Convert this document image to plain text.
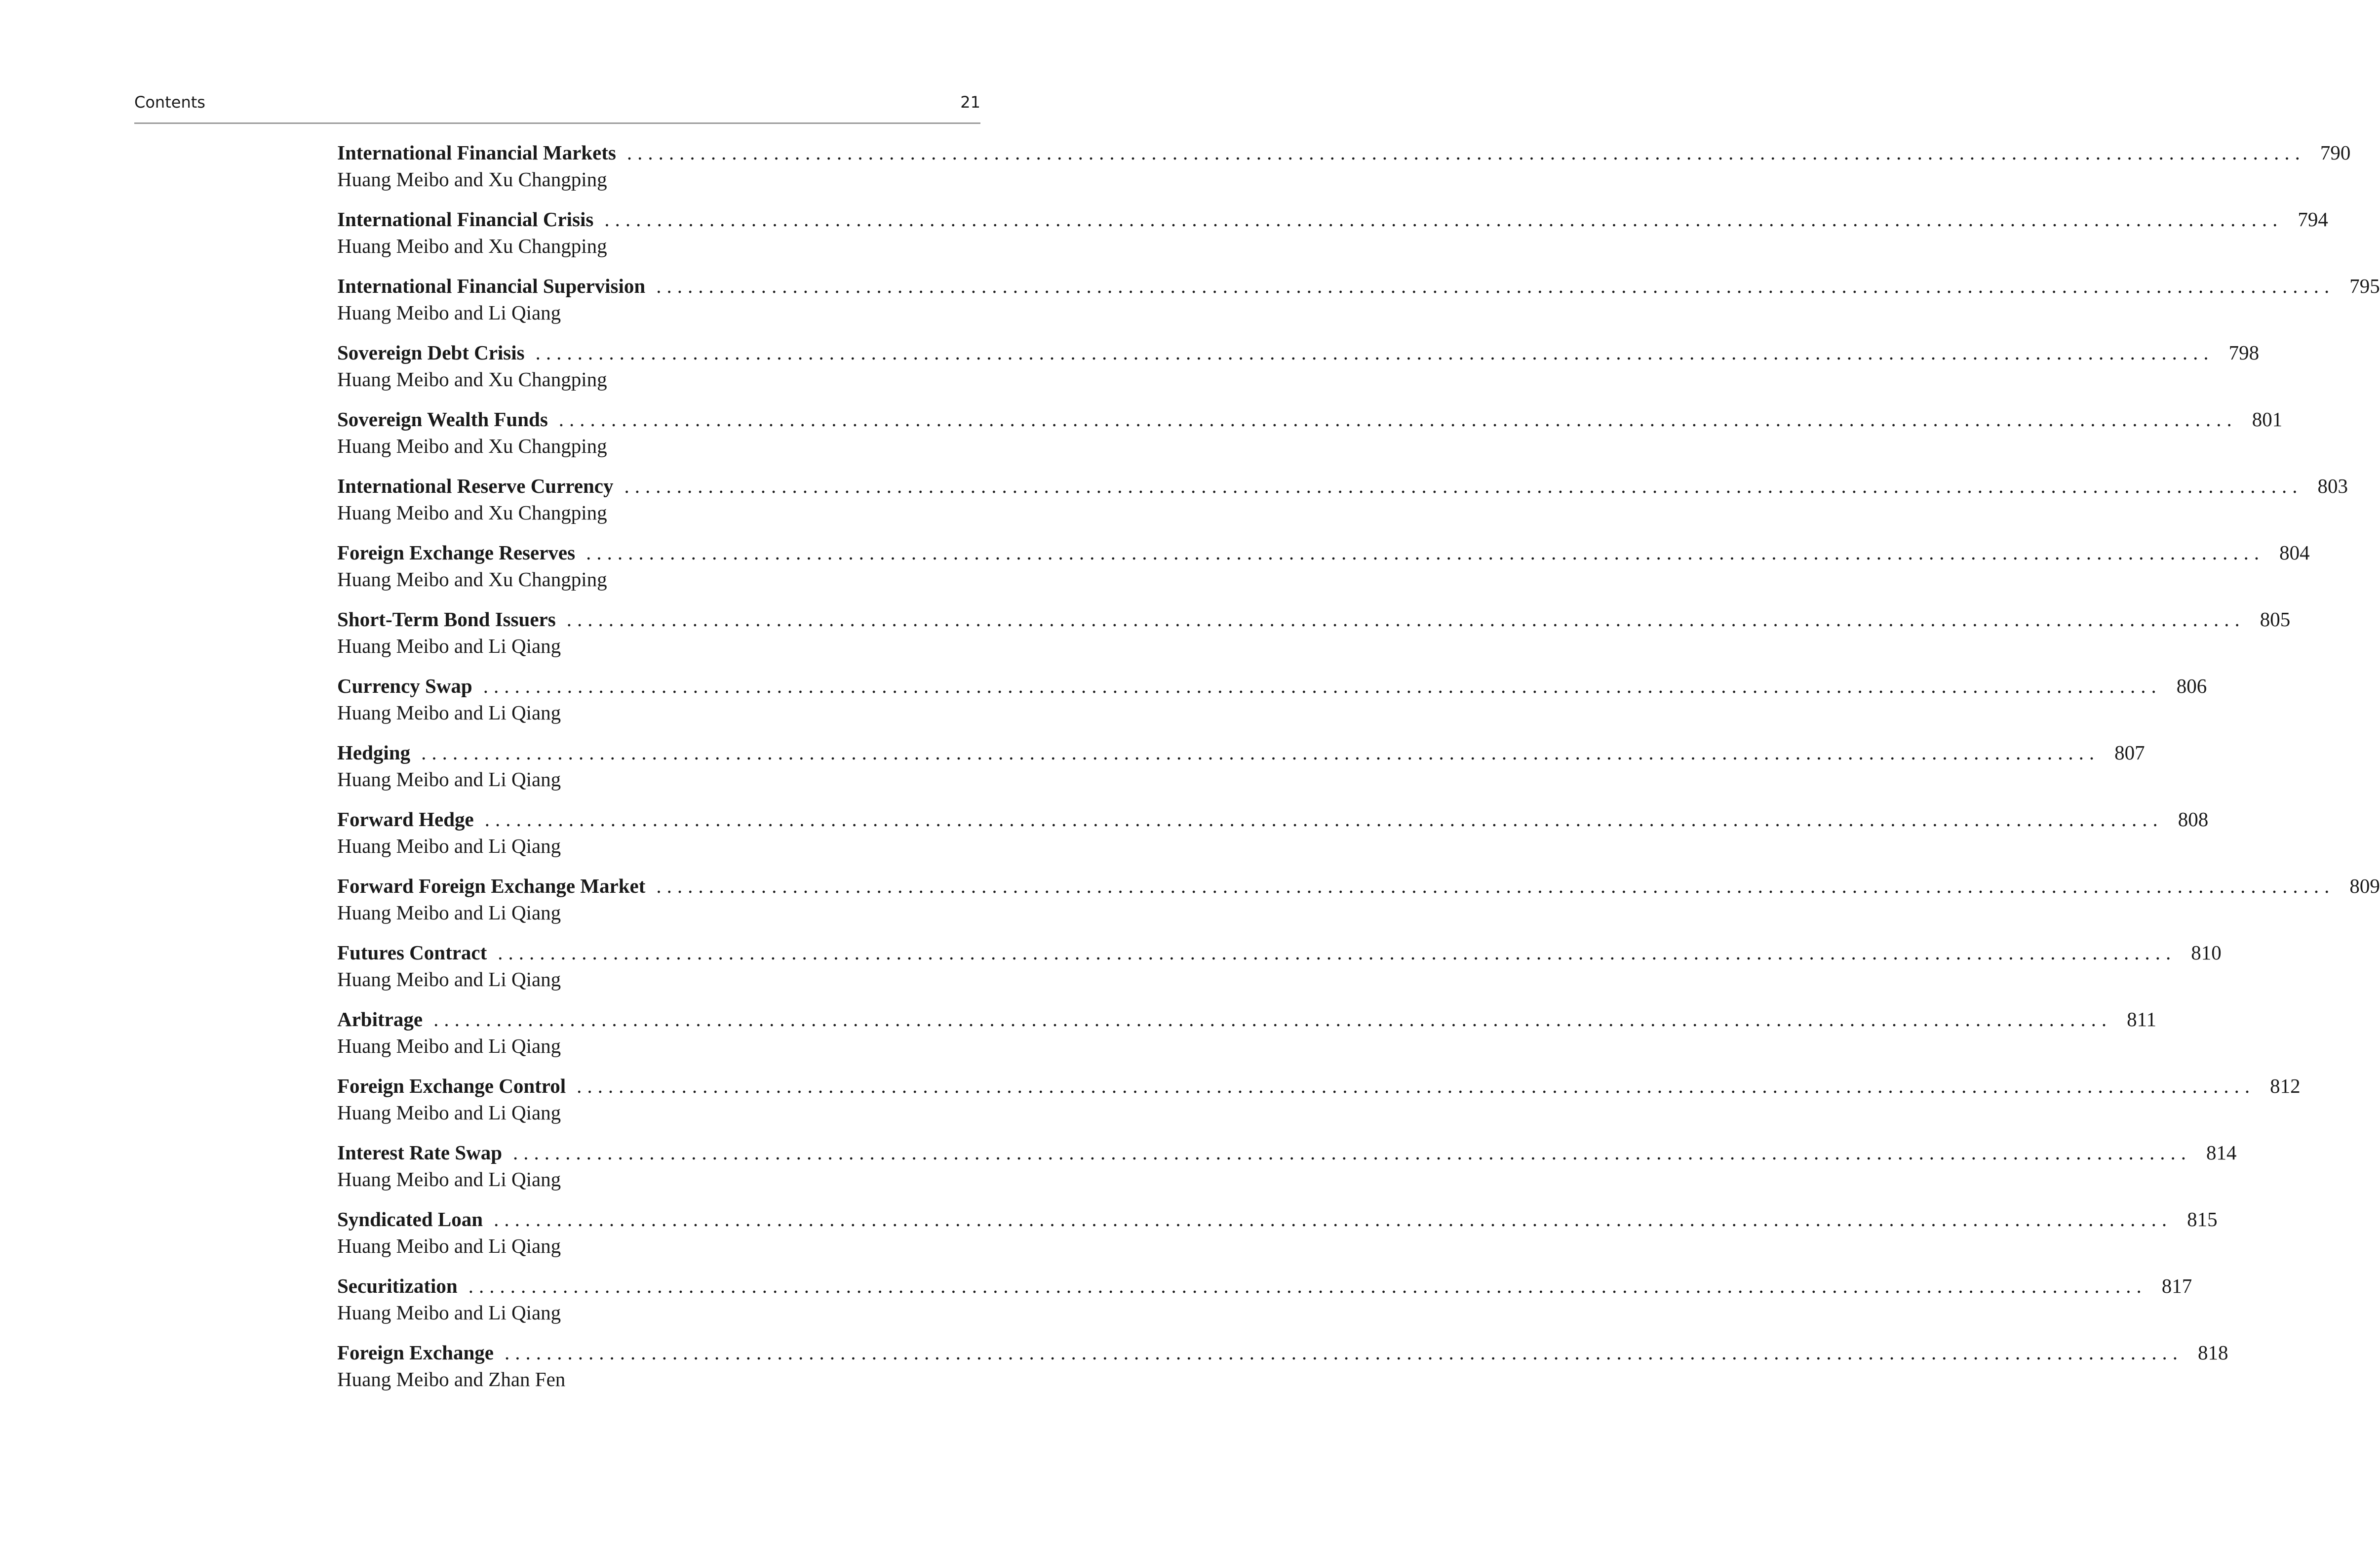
Contents	21
International Financial Markets ................................................................................................................................................................ 790
Huang Meibo and Xu Changping
International Financial Crisis ................................................................................................................................................................ 794
Huang Meibo and Xu Changping
International Financial Supervision ................................................................................................................................................................ 795
Huang Meibo and Li Qiang
Sovereign Debt Crisis ................................................................................................................................................................ 798
Huang Meibo and Xu Changping
Sovereign Wealth Funds ................................................................................................................................................................ 801
Huang Meibo and Xu Changping
International Reserve Currency ................................................................................................................................................................ 803
Huang Meibo and Xu Changping
Foreign Exchange Reserves ................................................................................................................................................................ 804
Huang Meibo and Xu Changping
Short-Term Bond Issuers ................................................................................................................................................................ 805
Huang Meibo and Li Qiang
Currency Swap ................................................................................................................................................................ 806
Huang Meibo and Li Qiang
Hedging ................................................................................................................................................................ 807
Huang Meibo and Li Qiang
Forward Hedge ................................................................................................................................................................ 808
Huang Meibo and Li Qiang
Forward Foreign Exchange Market ................................................................................................................................................................ 809
Huang Meibo and Li Qiang
Futures Contract ................................................................................................................................................................ 810
Huang Meibo and Li Qiang
Arbitrage ................................................................................................................................................................ 811
Huang Meibo and Li Qiang
Foreign Exchange Control ................................................................................................................................................................ 812
Huang Meibo and Li Qiang
Interest Rate Swap ................................................................................................................................................................ 814
Huang Meibo and Li Qiang
Syndicated Loan ................................................................................................................................................................ 815
Huang Meibo and Li Qiang
Securitization ................................................................................................................................................................ 817
Huang Meibo and Li Qiang
Foreign Exchange ................................................................................................................................................................ 818
Huang Meibo and Zhan Fen
